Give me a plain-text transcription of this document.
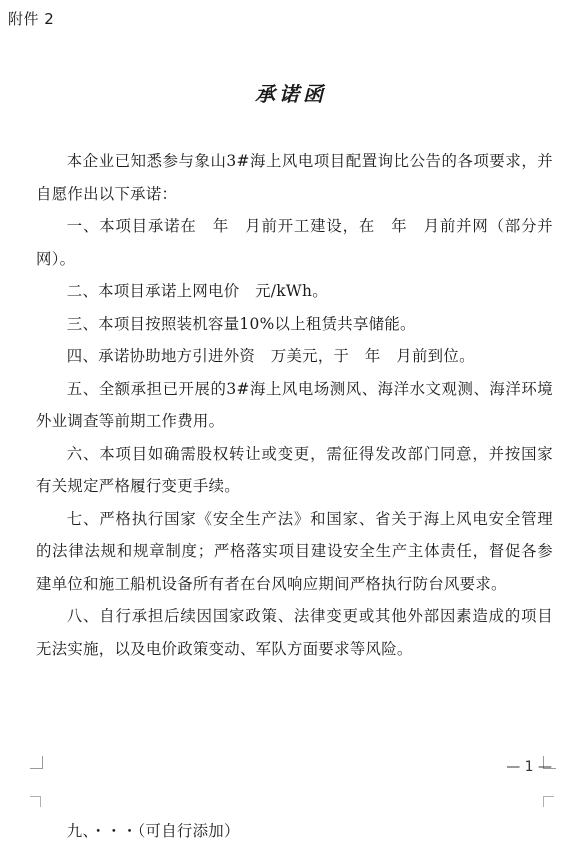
附件 2
承诺函

本企业已知悉参与象山3#海上风电项目配置询比公告的各项要求，并自愿作出以下承诺：

一、本项目承诺在　年　月前开工建设，在　年　月前并网（部分并网）。

二、本项目承诺上网电价　元/kWh。

三、本项目按照装机容量10%以上租赁共享储能。

四、承诺协助地方引进外资　万美元，于　年　月前到位。

五、全额承担已开展的3#海上风电场测风、海洋水文观测、海洋环境外业调查等前期工作费用。

六、本项目如确需股权转让或变更，需征得发改部门同意，并按国家有关规定严格履行变更手续。

七、严格执行国家《安全生产法》和国家、省关于海上风电安全管理的法律法规和规章制度；严格落实项目建设安全生产主体责任，督促各参建单位和施工船机设备所有者在台风响应期间严格执行防台风要求。

八、自行承担后续因国家政策、法律变更或其他外部因素造成的项目无法实施，以及电价政策变动、军队方面要求等风险。

— 1 —

九、・・・（可自行添加）
